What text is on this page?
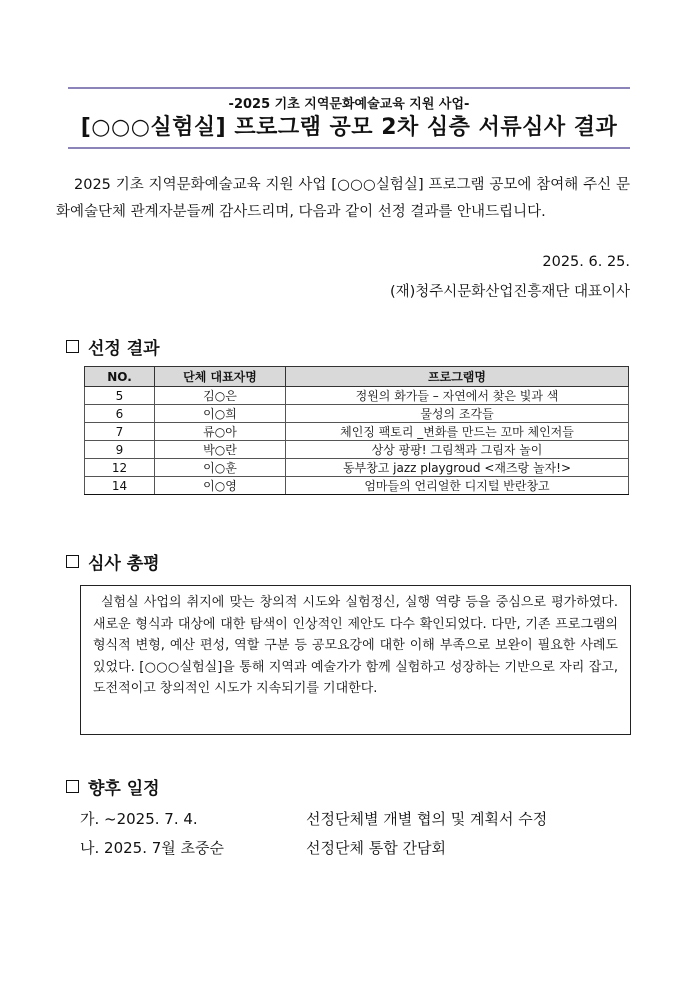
-2025 기초 지역문화예술교육 지원 사업-
[○○○실험실] 프로그램 공모 2차 심층 서류심사 결과
2025 기초 지역문화예술교육 지원 사업 [○○○실험실] 프로그램 공모에 참여해 주신 문화예술단체 관계자분들께 감사드리며, 다음과 같이 선정 결과를 안내드립니다.
2025. 6. 25.
(재)청주시문화산업진흥재단 대표이사
선정 결과
NO.	단체 대표자명	프로그램명
5	김○은	정원의 화가들 – 자연에서 찾은 빛과 색
6	이○희	물성의 조각들
7	류○아	체인징 팩토리 _변화를 만드는 꼬마 체인저들
9	박○란	상상 팡팡! 그림책과 그림자 놀이
12	이○훈	동부창고 jazz playgroud <재즈랑 놀자!>
14	이○영	엄마들의 언리얼한 디지털 반란창고
심사 총평
실험실 사업의 취지에 맞는 창의적 시도와 실험정신, 실행 역량 등을 중심으로 평가하였다. 새로운 형식과 대상에 대한 탐색이 인상적인 제안도 다수 확인되었다. 다만, 기존 프로그램의 형식적 변형, 예산 편성, 역할 구분 등 공모요강에 대한 이해 부족으로 보완이 필요한 사례도 있었다. [○○○실험실]을 통해 지역과 예술가가 함께 실험하고 성장하는 기반으로 자리 잡고, 도전적이고 창의적인 시도가 지속되기를 기대한다.
향후 일정
가. ~2025. 7. 4.	선정단체별 개별 협의 및 계획서 수정
나. 2025. 7월 초중순	선정단체 통합 간담회
